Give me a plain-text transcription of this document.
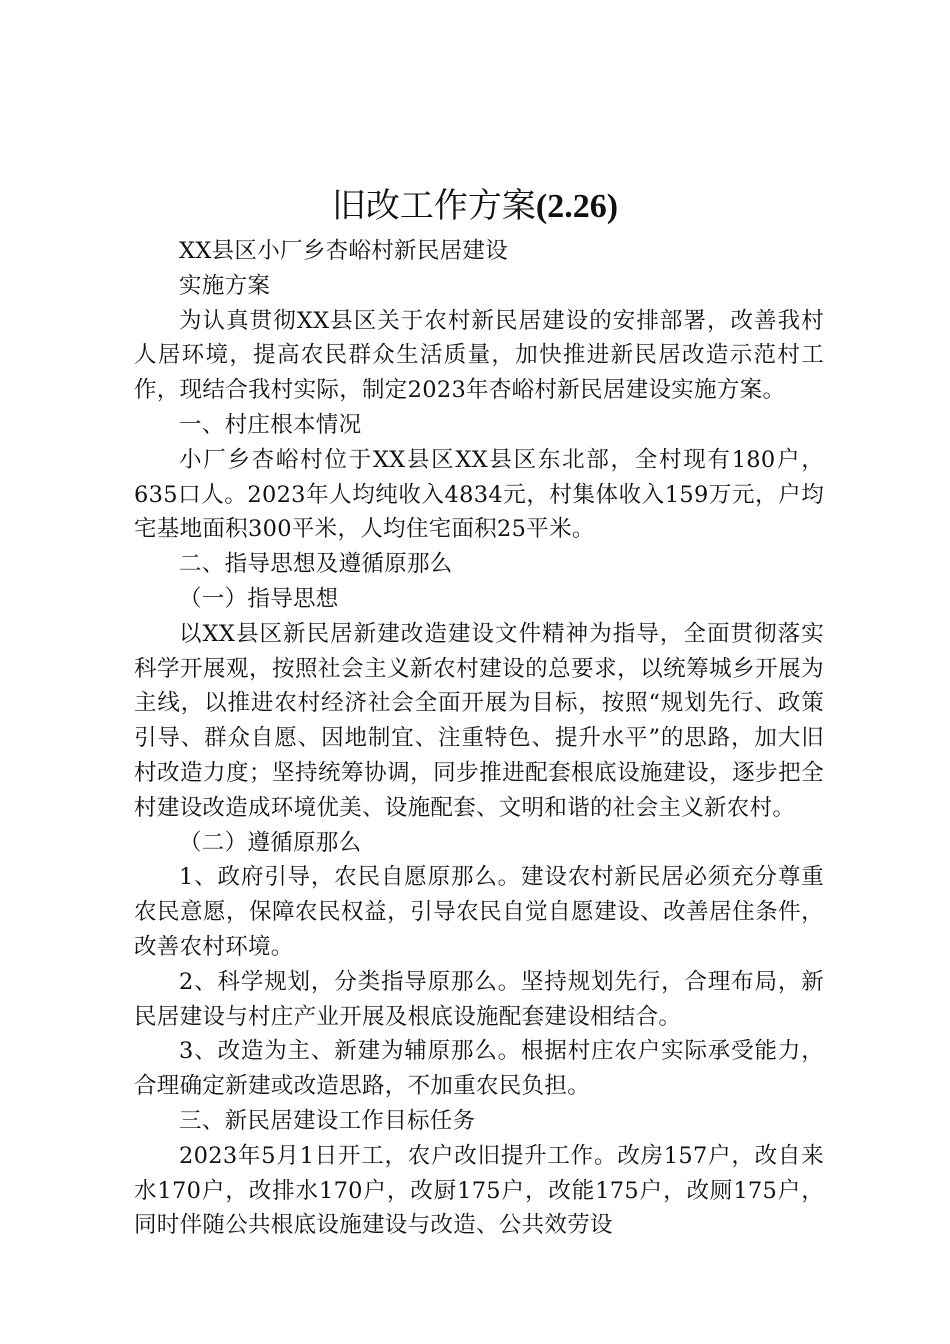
旧改工作方案(2.26)

XX县区小厂乡杏峪村新民居建设

实施方案

为认真贯彻XX县区关于农村新民居建设的安排部署，改善我村人居环境，提高农民群众生活质量，加快推进新民居改造示范村工作，现结合我村实际，制定2023年杏峪村新民居建设实施方案。

一、村庄根本情况

小厂乡杏峪村位于XX县区XX县区东北部，全村现有180户，635口人。2023年人均纯收入4834元，村集体收入159万元，户均宅基地面积300平米，人均住宅面积25平米。

二、指导思想及遵循原那么

（一）指导思想

以XX县区新民居新建改造建设文件精神为指导，全面贯彻落实科学开展观，按照社会主义新农村建设的总要求，以统筹城乡开展为主线，以推进农村经济社会全面开展为目标，按照“规划先行、政策引导、群众自愿、因地制宜、注重特色、提升水平”的思路，加大旧村改造力度；坚持统筹协调，同步推进配套根底设施建设，逐步把全村建设改造成环境优美、设施配套、文明和谐的社会主义新农村。

（二）遵循原那么

1、政府引导，农民自愿原那么。建设农村新民居必须充分尊重农民意愿，保障农民权益，引导农民自觉自愿建设、改善居住条件，改善农村环境。

2、科学规划，分类指导原那么。坚持规划先行，合理布局，新民居建设与村庄产业开展及根底设施配套建设相结合。

3、改造为主、新建为辅原那么。根据村庄农户实际承受能力，合理确定新建或改造思路，不加重农民负担。

三、新民居建设工作目标任务

2023年5月1日开工，农户改旧提升工作。改房157户，改自来水170户，改排水170户，改厨175户，改能175户，改厕175户，同时伴随公共根底设施建设与改造、公共效劳设
